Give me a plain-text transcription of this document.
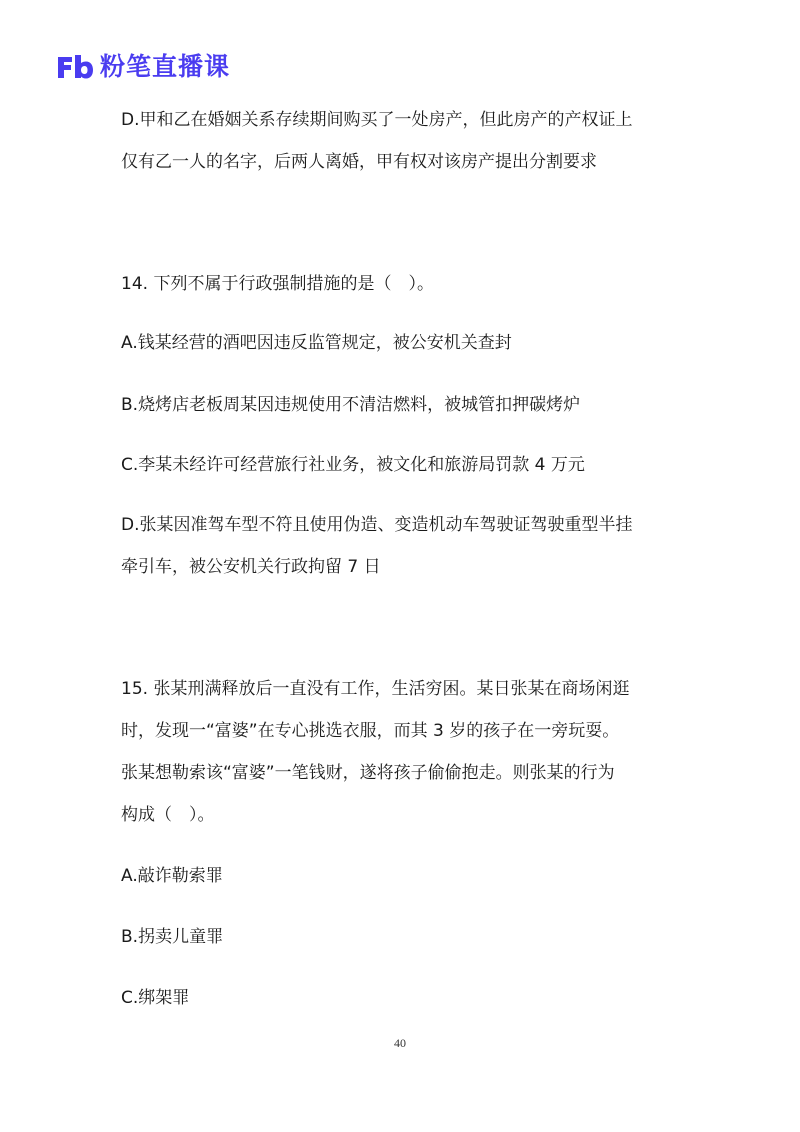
粉笔直播课
D.甲和乙在婚姻关系存续期间购买了一处房产，但此房产的产权证上
仅有乙一人的名字，后两人离婚，甲有权对该房产提出分割要求
14. 下列不属于行政强制措施的是（　）。
A.钱某经营的酒吧因违反监管规定，被公安机关查封
B.烧烤店老板周某因违规使用不清洁燃料，被城管扣押碳烤炉
C.李某未经许可经营旅行社业务，被文化和旅游局罚款 4 万元
D.张某因准驾车型不符且使用伪造、变造机动车驾驶证驾驶重型半挂
牵引车，被公安机关行政拘留 7 日
15. 张某刑满释放后一直没有工作，生活穷困。某日张某在商场闲逛
时，发现一“富婆”在专心挑选衣服，而其 3 岁的孩子在一旁玩耍。
张某想勒索该“富婆”一笔钱财，遂将孩子偷偷抱走。则张某的行为
构成（　）。
A.敲诈勒索罪
B.拐卖儿童罪
C.绑架罪
40
